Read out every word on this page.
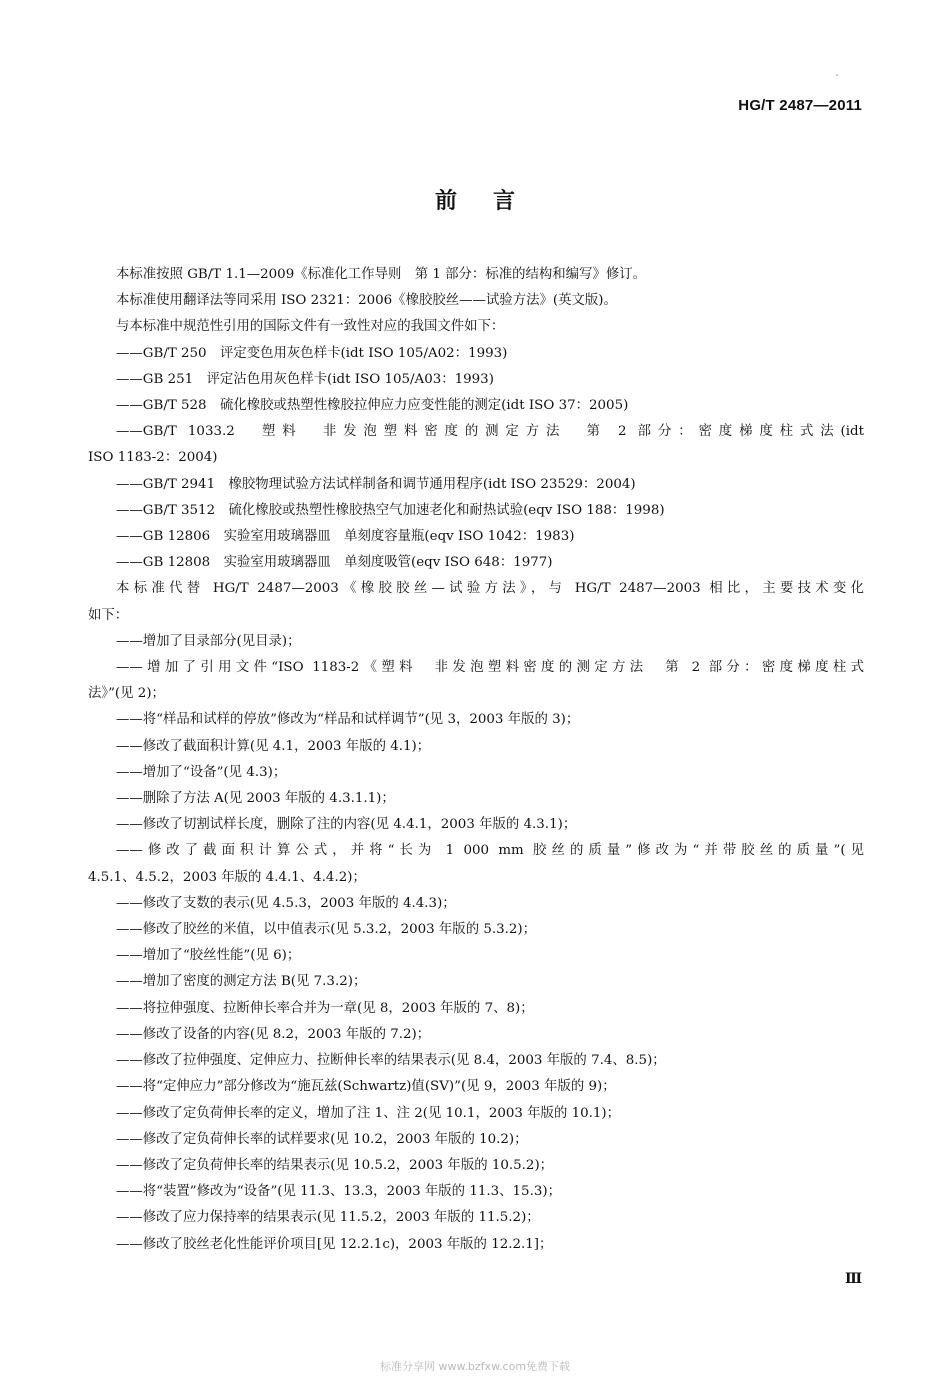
HG/T 2487—2011
前言

本标准按照 GB/T 1.1—2009《标准化工作导则　第 1 部分：标准的结构和编写》修订。

本标准使用翻译法等同采用 ISO 2321：2006《橡胶胶丝——试验方法》(英文版)。

与本标准中规范性引用的国际文件有一致性对应的我国文件如下：

——GB/T 250　评定变色用灰色样卡(idt ISO 105/A02：1993)

——GB 251　评定沾色用灰色样卡(idt ISO 105/A03：1993)

——GB/T 528　硫化橡胶或热塑性橡胶拉伸应力应变性能的测定(idt ISO 37：2005)

——GB/T 1033.2　塑料　非发泡塑料密度的测定方法　第 2 部分：密度梯度柱式法(idt

ISO 1183-2：2004)

——GB/T 2941　橡胶物理试验方法试样制备和调节通用程序(idt ISO 23529：2004)

——GB/T 3512　硫化橡胶或热塑性橡胶热空气加速老化和耐热试验(eqv ISO 188：1998)

——GB 12806　实验室用玻璃器皿　单刻度容量瓶(eqv ISO 1042：1983)

——GB 12808　实验室用玻璃器皿　单刻度吸管(eqv ISO 648：1977)

本标准代替 HG/T 2487—2003《橡胶胶丝—试验方法》，与 HG/T 2487—2003 相比，主要技术变化

如下：

——增加了目录部分(见目录)；

——增加了引用文件“ISO 1183-2《塑料　非发泡塑料密度的测定方法　第 2 部分：密度梯度柱式

法》”(见 2)；

——将“样品和试样的停放”修改为“样品和试样调节”(见 3，2003 年版的 3)；

——修改了截面积计算(见 4.1，2003 年版的 4.1)；

——增加了“设备”(见 4.3)；

——删除了方法 A(见 2003 年版的 4.3.1.1)；

——修改了切割试样长度，删除了注的内容(见 4.4.1，2003 年版的 4.3.1)；

——修改了截面积计算公式，并将“长为 1 000 mm 胶丝的质量”修改为“并带胶丝的质量”(见

4.5.1、4.5.2，2003 年版的 4.4.1、4.4.2)；

——修改了支数的表示(见 4.5.3，2003 年版的 4.4.3)；

——修改了胶丝的米值，以中值表示(见 5.3.2，2003 年版的 5.3.2)；

——增加了“胶丝性能”(见 6)；

——增加了密度的测定方法 B(见 7.3.2)；

——将拉伸强度、拉断伸长率合并为一章(见 8，2003 年版的 7、8)；

——修改了设备的内容(见 8.2，2003 年版的 7.2)；

——修改了拉伸强度、定伸应力、拉断伸长率的结果表示(见 8.4，2003 年版的 7.4、8.5)；

——将“定伸应力”部分修改为“施瓦兹(Schwartz)值(SV)”(见 9，2003 年版的 9)；

——修改了定负荷伸长率的定义，增加了注 1、注 2(见 10.1，2003 年版的 10.1)；

——修改了定负荷伸长率的试样要求(见 10.2，2003 年版的 10.2)；

——修改了定负荷伸长率的结果表示(见 10.5.2，2003 年版的 10.5.2)；

——将“装置”修改为“设备”(见 11.3、13.3，2003 年版的 11.3、15.3)；

——修改了应力保持率的结果表示(见 11.5.2，2003 年版的 11.5.2)；

——修改了胶丝老化性能评价项目[见 12.2.1c)，2003 年版的 12.2.1]；

Ⅲ
标准分享网 www.bzfxw.com免费下载
